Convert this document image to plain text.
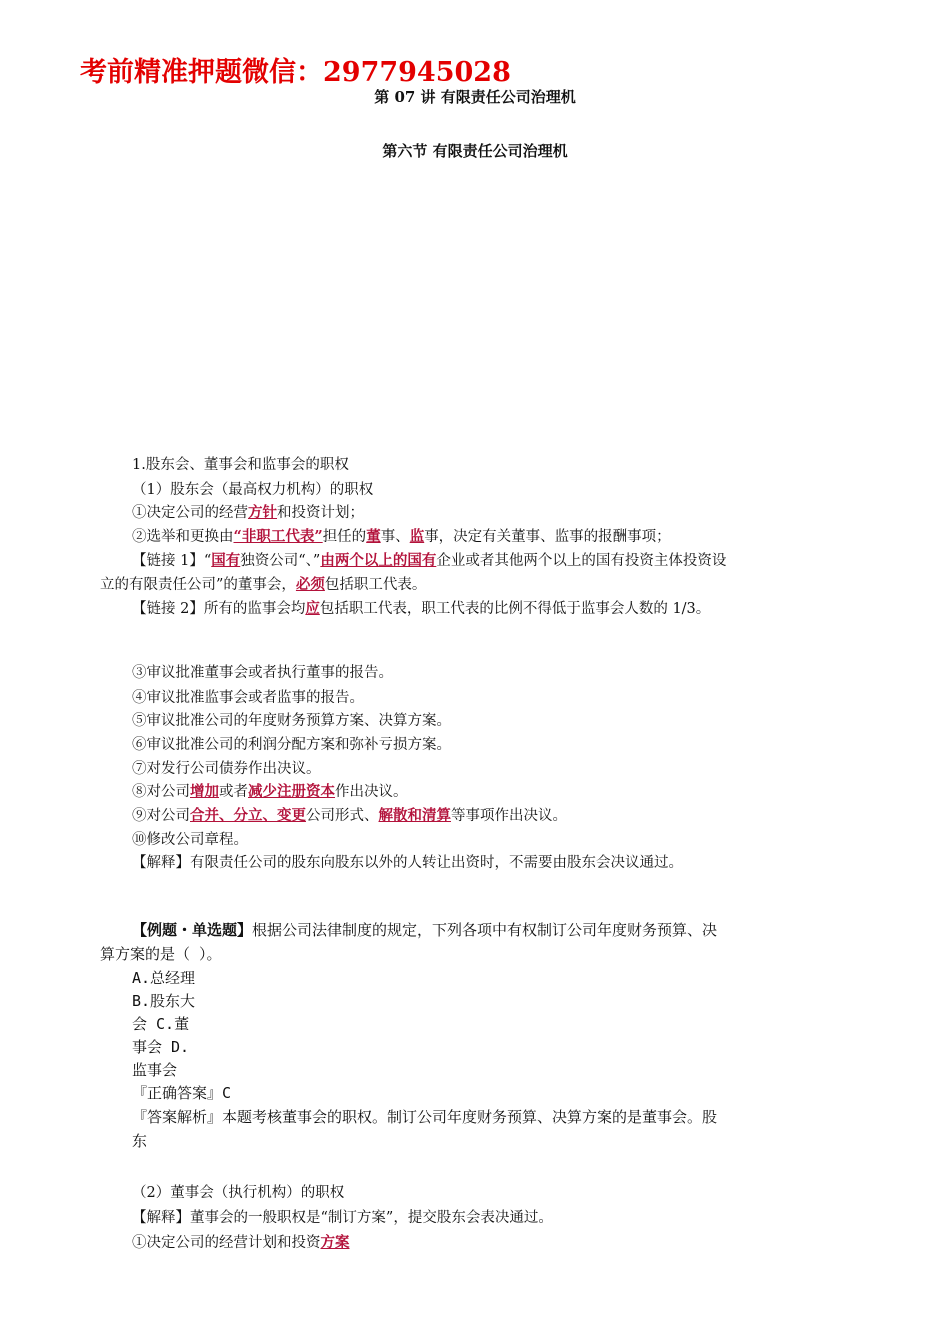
考前精准押题微信：2977945028
第 07 讲 有限责任公司治理机
第六节 有限责任公司治理机
1.股东会、董事会和监事会的职权
（1）股东会（最高权力机构）的职权
①决定公司的经营方针和投资计划；
②选举和更换由“非职工代表”担任的董事、监事，决定有关董事、监事的报酬事项；
【链接 1】“国有独资公司“、”由两个以上的国有企业或者其他两个以上的国有投资主体投资设
立的有限责任公司”的董事会，必须包括职工代表。
【链接 2】所有的监事会均应包括职工代表，职工代表的比例不得低于监事会人数的 1/3。
③审议批准董事会或者执行董事的报告。
④审议批准监事会或者监事的报告。
⑤审议批准公司的年度财务预算方案、决算方案。
⑥审议批准公司的利润分配方案和弥补亏损方案。
⑦对发行公司债券作出决议。
⑧对公司增加或者减少注册资本作出决议。
⑨对公司合并、分立、变更公司形式、解散和清算等事项作出决议。
⑩修改公司章程。
【解释】有限责任公司的股东向股东以外的人转让出资时，不需要由股东会决议通过。
【例题・单选题】根据公司法律制度的规定，下列各项中有权制订公司年度财务预算、决
算方案的是（ ）。
A.总经理
B.股东大
会 C.董
事会 D.
监事会
『正确答案』C
『答案解析』本题考核董事会的职权。制订公司年度财务预算、决算方案的是董事会。股
东
（2）董事会（执行机构）的职权
【解释】董事会的一般职权是“制订方案”，提交股东会表决通过。
①决定公司的经营计划和投资方案
